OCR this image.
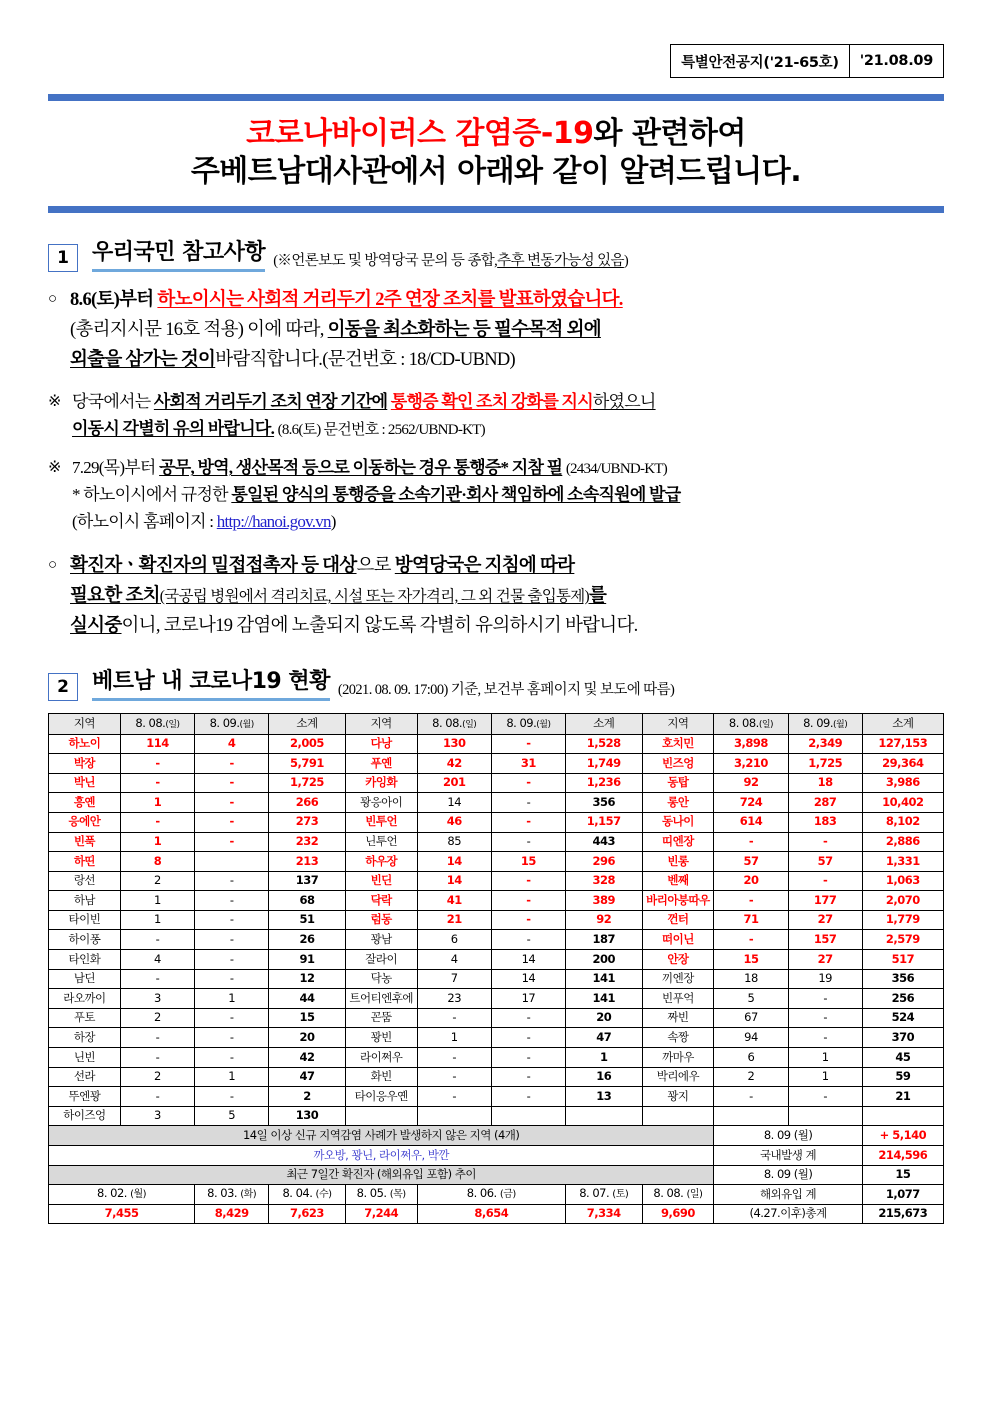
특별안전공지('21-65호)	'21.08.09
코로나바이러스 감염증-19와 관련하여
주베트남대사관에서 아래와 같이 알려드립니다.
1	우리국민 참고사항 (※언론보도 및 방역당국 문의 등 종합,추후 변동가능성 있음)
○ 8.6(토)부터 하노이시는 사회적 거리두기 2주 연장 조치를 발표하였습니다.
(총리지시문 16호 적용) 이에 따라, 이동을 최소화하는 등 필수목적 외에
외출을 삼가는 것이바람직합니다.(문건번호 : 18/CD-UBND)
※ 당국에서는 사회적 거리두기 조치 연장 기간에 통행증 확인 조치 강화를 지시하였으니
이동시 각별히 유의 바랍니다. (8.6(토) 문건번호 : 2562/UBND-KT)
※ 7.29(목)부터 공무, 방역, 생산목적 등으로 이동하는 경우 통행증* 지참 필 (2434/UBND-KT)
* 하노이시에서 규정한 통일된 양식의 통행증을 소속기관·회사 책임하에 소속직원에 발급
(하노이시 홈페이지 : http://hanoi.gov.vn)
○ 확진자ㆍ확진자의 밀접접촉자 등 대상으로 방역당국은 지침에 따라
필요한 조치(국공립 병원에서 격리치료, 시설 또는 자가격리, 그 외 건물 출입통제)를
실시중이니, 코로나19 감염에 노출되지 않도록 각별히 유의하시기 바랍니다.
2	베트남 내 코로나19 현황 (2021. 08. 09. 17:00) 기준, 보건부 홈페이지 및 보도에 따름)
지역	8. 08.(일)	8. 09.(월)	소계	지역	8. 08.(일)	8. 09.(월)	소계	지역	8. 08.(일)	8. 09.(월)	소계
하노이	114	4	2,005	다낭	130	-	1,528	호치민	3,898	2,349	127,153
박장	-	-	5,791	푸옌	42	31	1,749	빈즈엉	3,210	1,725	29,364
박닌	-	-	1,725	카잉화	201	-	1,236	동탑	92	18	3,986
흥옌	1	-	266	꽝응아이	14	-	356	롱안	724	287	10,402
응에안	-	-	273	빈투언	46	-	1,157	동나이	614	183	8,102
빈푹	1	-	232	닌투언	85	-	443	띠엔장	-	-	2,886
하띤	8		213	하우장	14	15	296	빈롱	57	57	1,331
랑선	2	-	137	빈딘	14	-	328	벤째	20	-	1,063
하남	1	-	68	닥락	41	-	389	바리아붕따우	-	177	2,070
타이빈	1	-	51	럼동	21	-	92	껀터	71	27	1,779
하이퐁	-	-	26	꽝남	6	-	187	떠이닌	-	157	2,579
타인화	4	-	91	잘라이	4	14	200	안장	15	27	517
남딘	-	-	12	닥농	7	14	141	끼엔장	18	19	356
라오까이	3	1	44	트어티엔후에	23	17	141	빈푸억	5	-	256
푸토	2	-	15	꼰뚬	-	-	20	짜빈	67	-	524
하장	-	-	20	꽝빈	1	-	47	속짱	94	-	370
닌빈	-	-	42	라이쩌우	-	-	1	까마우	6	1	45
선라	2	1	47	화빈	-	-	16	박리에우	2	1	59
뚜엔꽝	-	-	2	타이응우옌	-	-	13	꽝지	-	-	21
하이즈엉	3	5	130								
14일 이상 신규 지역감염 사례가 발생하지 않은 지역 (4개)									8. 09 (월)		+ 5,140
까오방, 꽝닌, 라이쩌우, 박깐									국내발생 계		214,596
최근 7일간 확진자 (해외유입 포함) 추이									8. 09 (월)		15
8. 02. (월)		8. 03. (화)	8. 04. (수)	8. 05. (목)	8. 06. (금)		8. 07. (토)	8. 08. (일)	해외유입 계		1,077
7,455		8,429	7,623	7,244	8,654		7,334	9,690	(4.27.이후)총계		215,673
